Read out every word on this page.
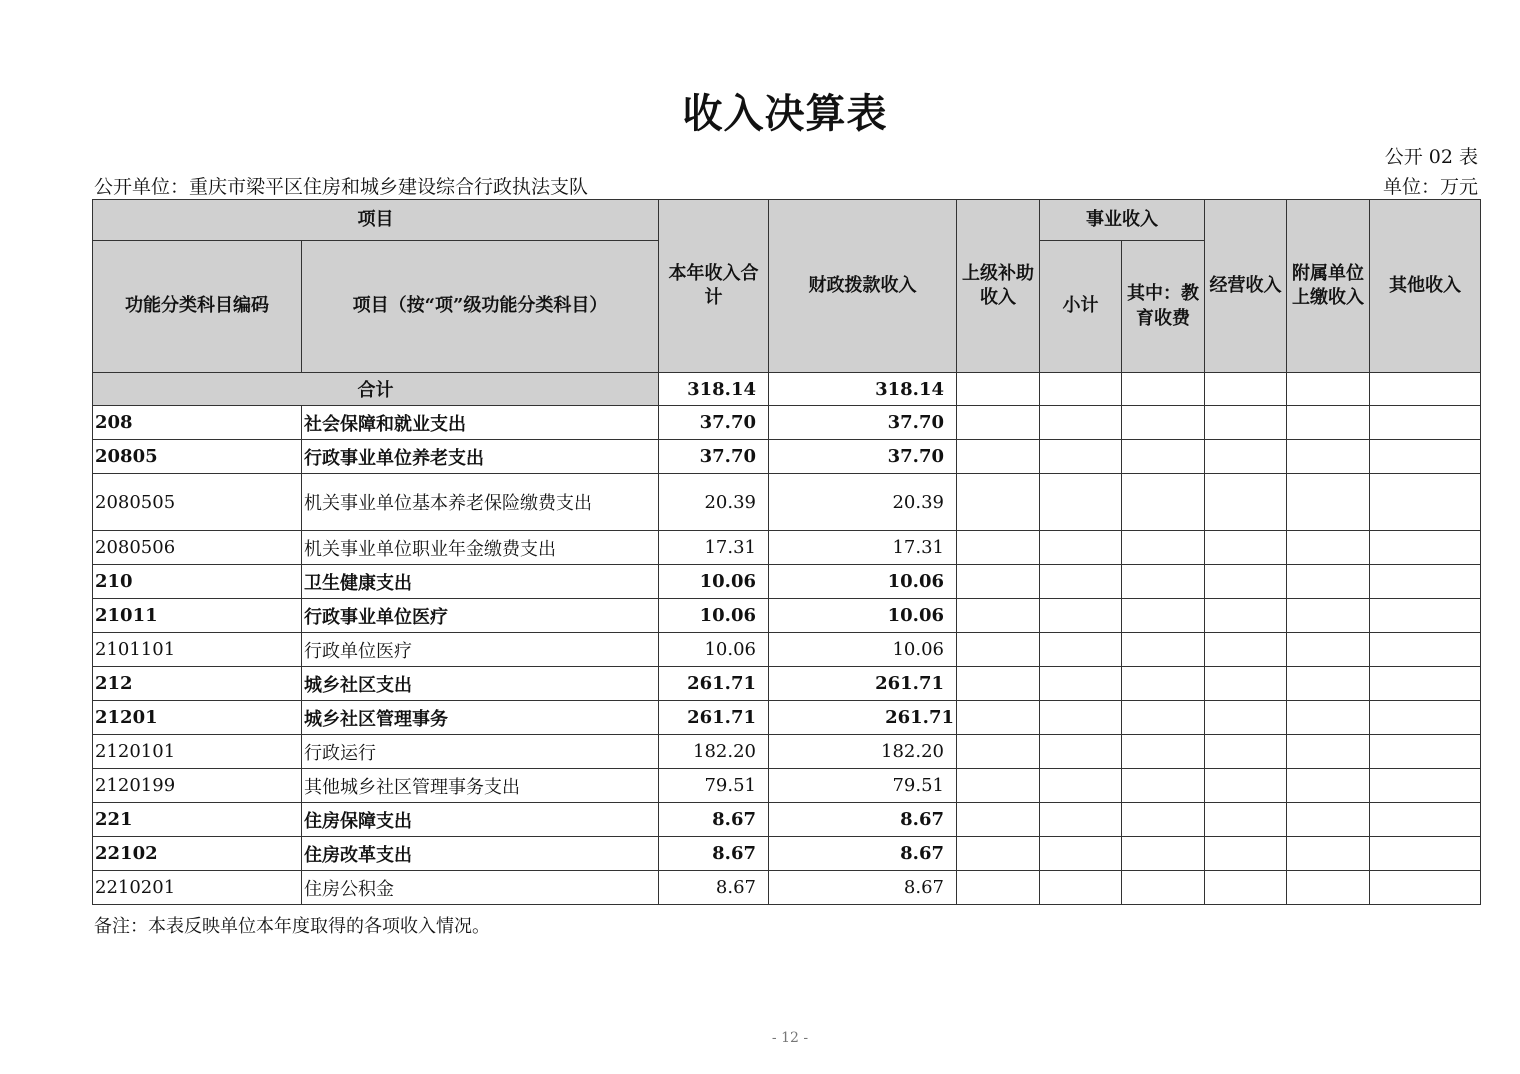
收入决算表
公开 02 表
公开单位：重庆市梁平区住房和城乡建设综合行政执法支队	单位：万元
项目		本年收入合计	财政拨款收入	上级补助收入	事业收入		经营收入	附属单位上缴收入	其他收入
功能分类科目编码	项目（按“项”级功能分类科目）				小计	其中：教育收费			
合计		318.14	318.14						
208	社会保障和就业支出	37.70	37.70						
20805	行政事业单位养老支出	37.70	37.70						
2080505	机关事业单位基本养老保险缴费支出	20.39	20.39						
2080506	机关事业单位职业年金缴费支出	17.31	17.31						
210	卫生健康支出	10.06	10.06						
21011	行政事业单位医疗	10.06	10.06						
2101101	行政单位医疗	10.06	10.06						
212	城乡社区支出	261.71	261.71						
21201	城乡社区管理事务	261.71	261.71						
2120101	行政运行	182.20	182.20						
2120199	其他城乡社区管理事务支出	79.51	79.51						
221	住房保障支出	8.67	8.67						
22102	住房改革支出	8.67	8.67						
2210201	住房公积金	8.67	8.67						
备注：本表反映单位本年度取得的各项收入情况。
- 12 -
